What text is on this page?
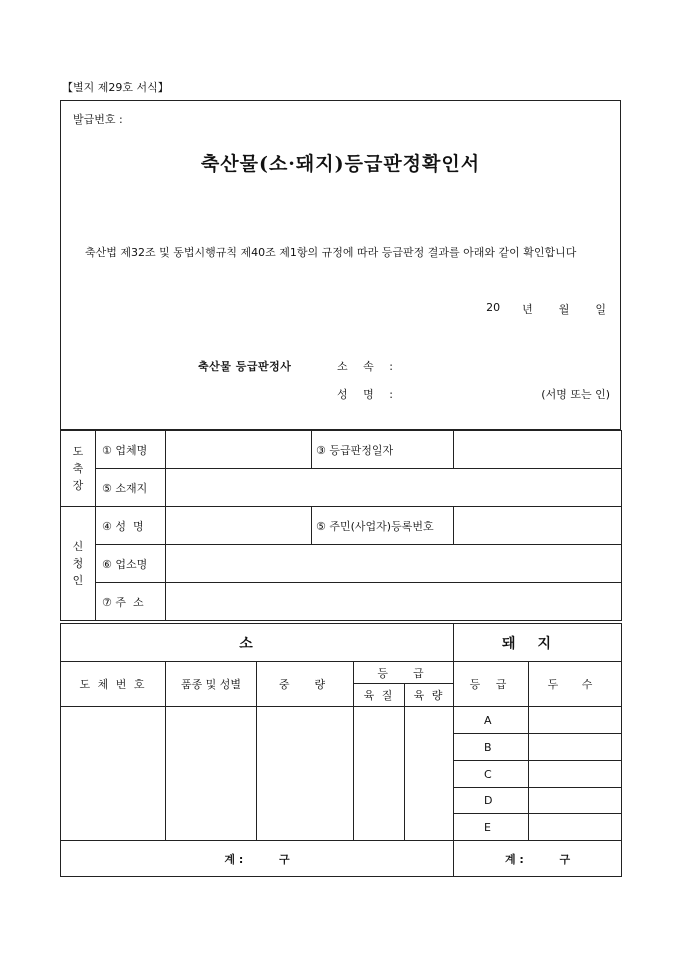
【별지 제29호 서식】
발급번호 :
축산물(소·돼지)등급판정확인서
축산법 제32조 및 동법시행규칙 제40조 제1항의 규정에 따라 등급판정 결과를 아래와 같이 확인합니다
20 년 월 일
축산물 등급판정사	소 속 :
성 명 :	(서명 또는 인)
도
축
장	① 업체명		③ 등급판정일자	
	⑤ 소재지			
신
청
인	④ 성  명		⑤ 주민(사업자)등록번호	
	⑥ 업소명			
	⑦ 주  소			
소					돼지	
도 체 번 호	품종 및 성별	중  량	등  급		등 급	두 수
			육 질	육 량		
					A	
					B	
					C	
					D	
					E	
계 : 구					계 : 구	
